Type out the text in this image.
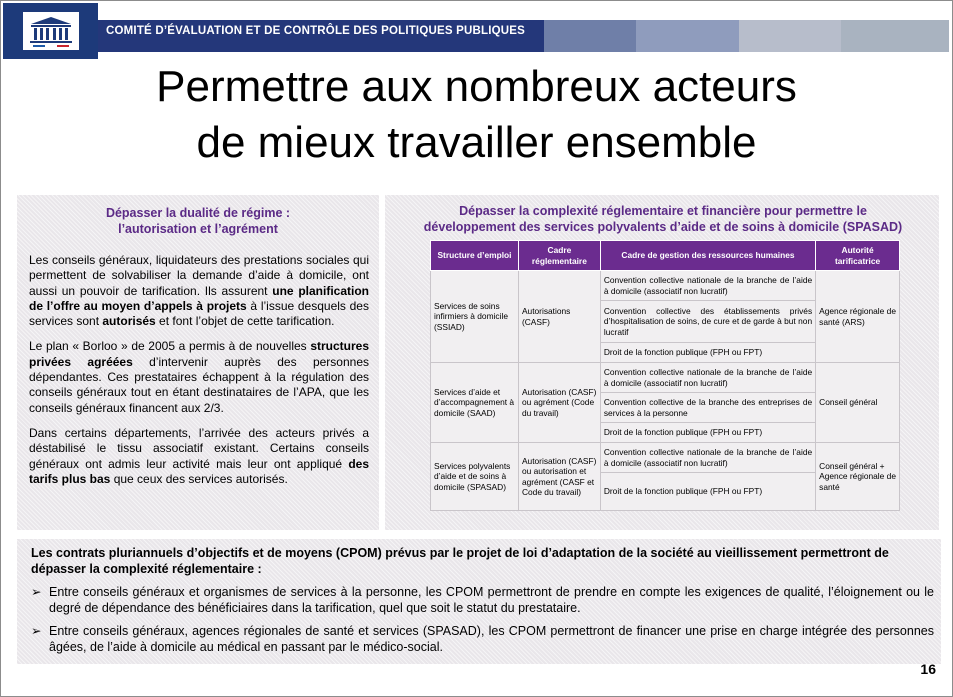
COMITÉ D’ÉVALUATION ET DE CONTRÔLE DES POLITIQUES PUBLIQUES
Permettre aux nombreux acteurs
de mieux travailler ensemble
Dépasser la dualité de régime :
l’autorisation et l’agrément

Les conseils généraux, liquidateurs des prestations sociales qui permettent de solvabiliser la demande d’aide à domicile, ont aussi un pouvoir de tarification. Ils assurent une planification de l’offre au moyen d’appels à projets à l’issue desquels des services sont autorisés et font l’objet de cette tarification.

Le plan « Borloo » de 2005 a permis à de nouvelles structures privées agréées d’intervenir auprès des personnes dépendantes. Ces prestataires échappent à la régulation des conseils généraux tout en étant destinataires de l’APA, que les conseils généraux financent aux 2/3.

Dans certains départements, l’arrivée des acteurs privés a déstabilisé le tissu associatif existant. Certains conseils généraux ont admis leur activité mais leur ont appliqué des tarifs plus bas que ceux des services autorisés.

Dépasser la complexité réglementaire et financière pour permettre le
développement des services polyvalents d’aide et de soins à domicile (SPASAD)
Structure d’emploi	Cadre réglementaire	Cadre de gestion des ressources humaines	Autorité tarificatrice
Services de soins infirmiers à domicile (SSIAD)	Autorisations (CASF)	Convention collective nationale de la branche de l’aide à domicile (associatif non lucratif)	Agence régionale de santé (ARS)
		Convention collective des établissements privés d’hospitalisation de soins, de cure et de garde à but non lucratif	
		Droit de la fonction publique (FPH ou FPT)	
Services d’aide et d’accompagnement à domicile (SAAD)	Autorisation (CASF) ou agrément (Code du travail)	Convention collective nationale de la branche de l’aide à domicile (associatif non lucratif)	Conseil général
		Convention collective de la branche des entreprises de services à la personne	
		Droit de la fonction publique (FPH ou FPT)	
Services polyvalents d’aide et de soins à domicile (SPASAD)	Autorisation (CASF) ou autorisation et agrément (CASF et Code du travail)	Convention collective nationale de la branche de l’aide à domicile (associatif non lucratif)	Conseil général + Agence régionale de santé
		Droit de la fonction publique (FPH ou FPT)	
Les contrats pluriannuels d’objectifs et de moyens (CPOM) prévus par le projet de loi d’adaptation de la société au vieillissement permettront de dépasser la complexité réglementaire :
➢ Entre conseils généraux et organismes de services à la personne, les CPOM permettront de prendre en compte les exigences de qualité, l’éloignement ou le degré de dépendance des bénéficiaires dans la tarification, quel que soit le statut du prestataire.
➢ Entre conseils généraux, agences régionales de santé et services (SPASAD), les CPOM permettront de financer une prise en charge intégrée des personnes âgées, de l’aide à domicile au médical en passant par le médico-social.
16
